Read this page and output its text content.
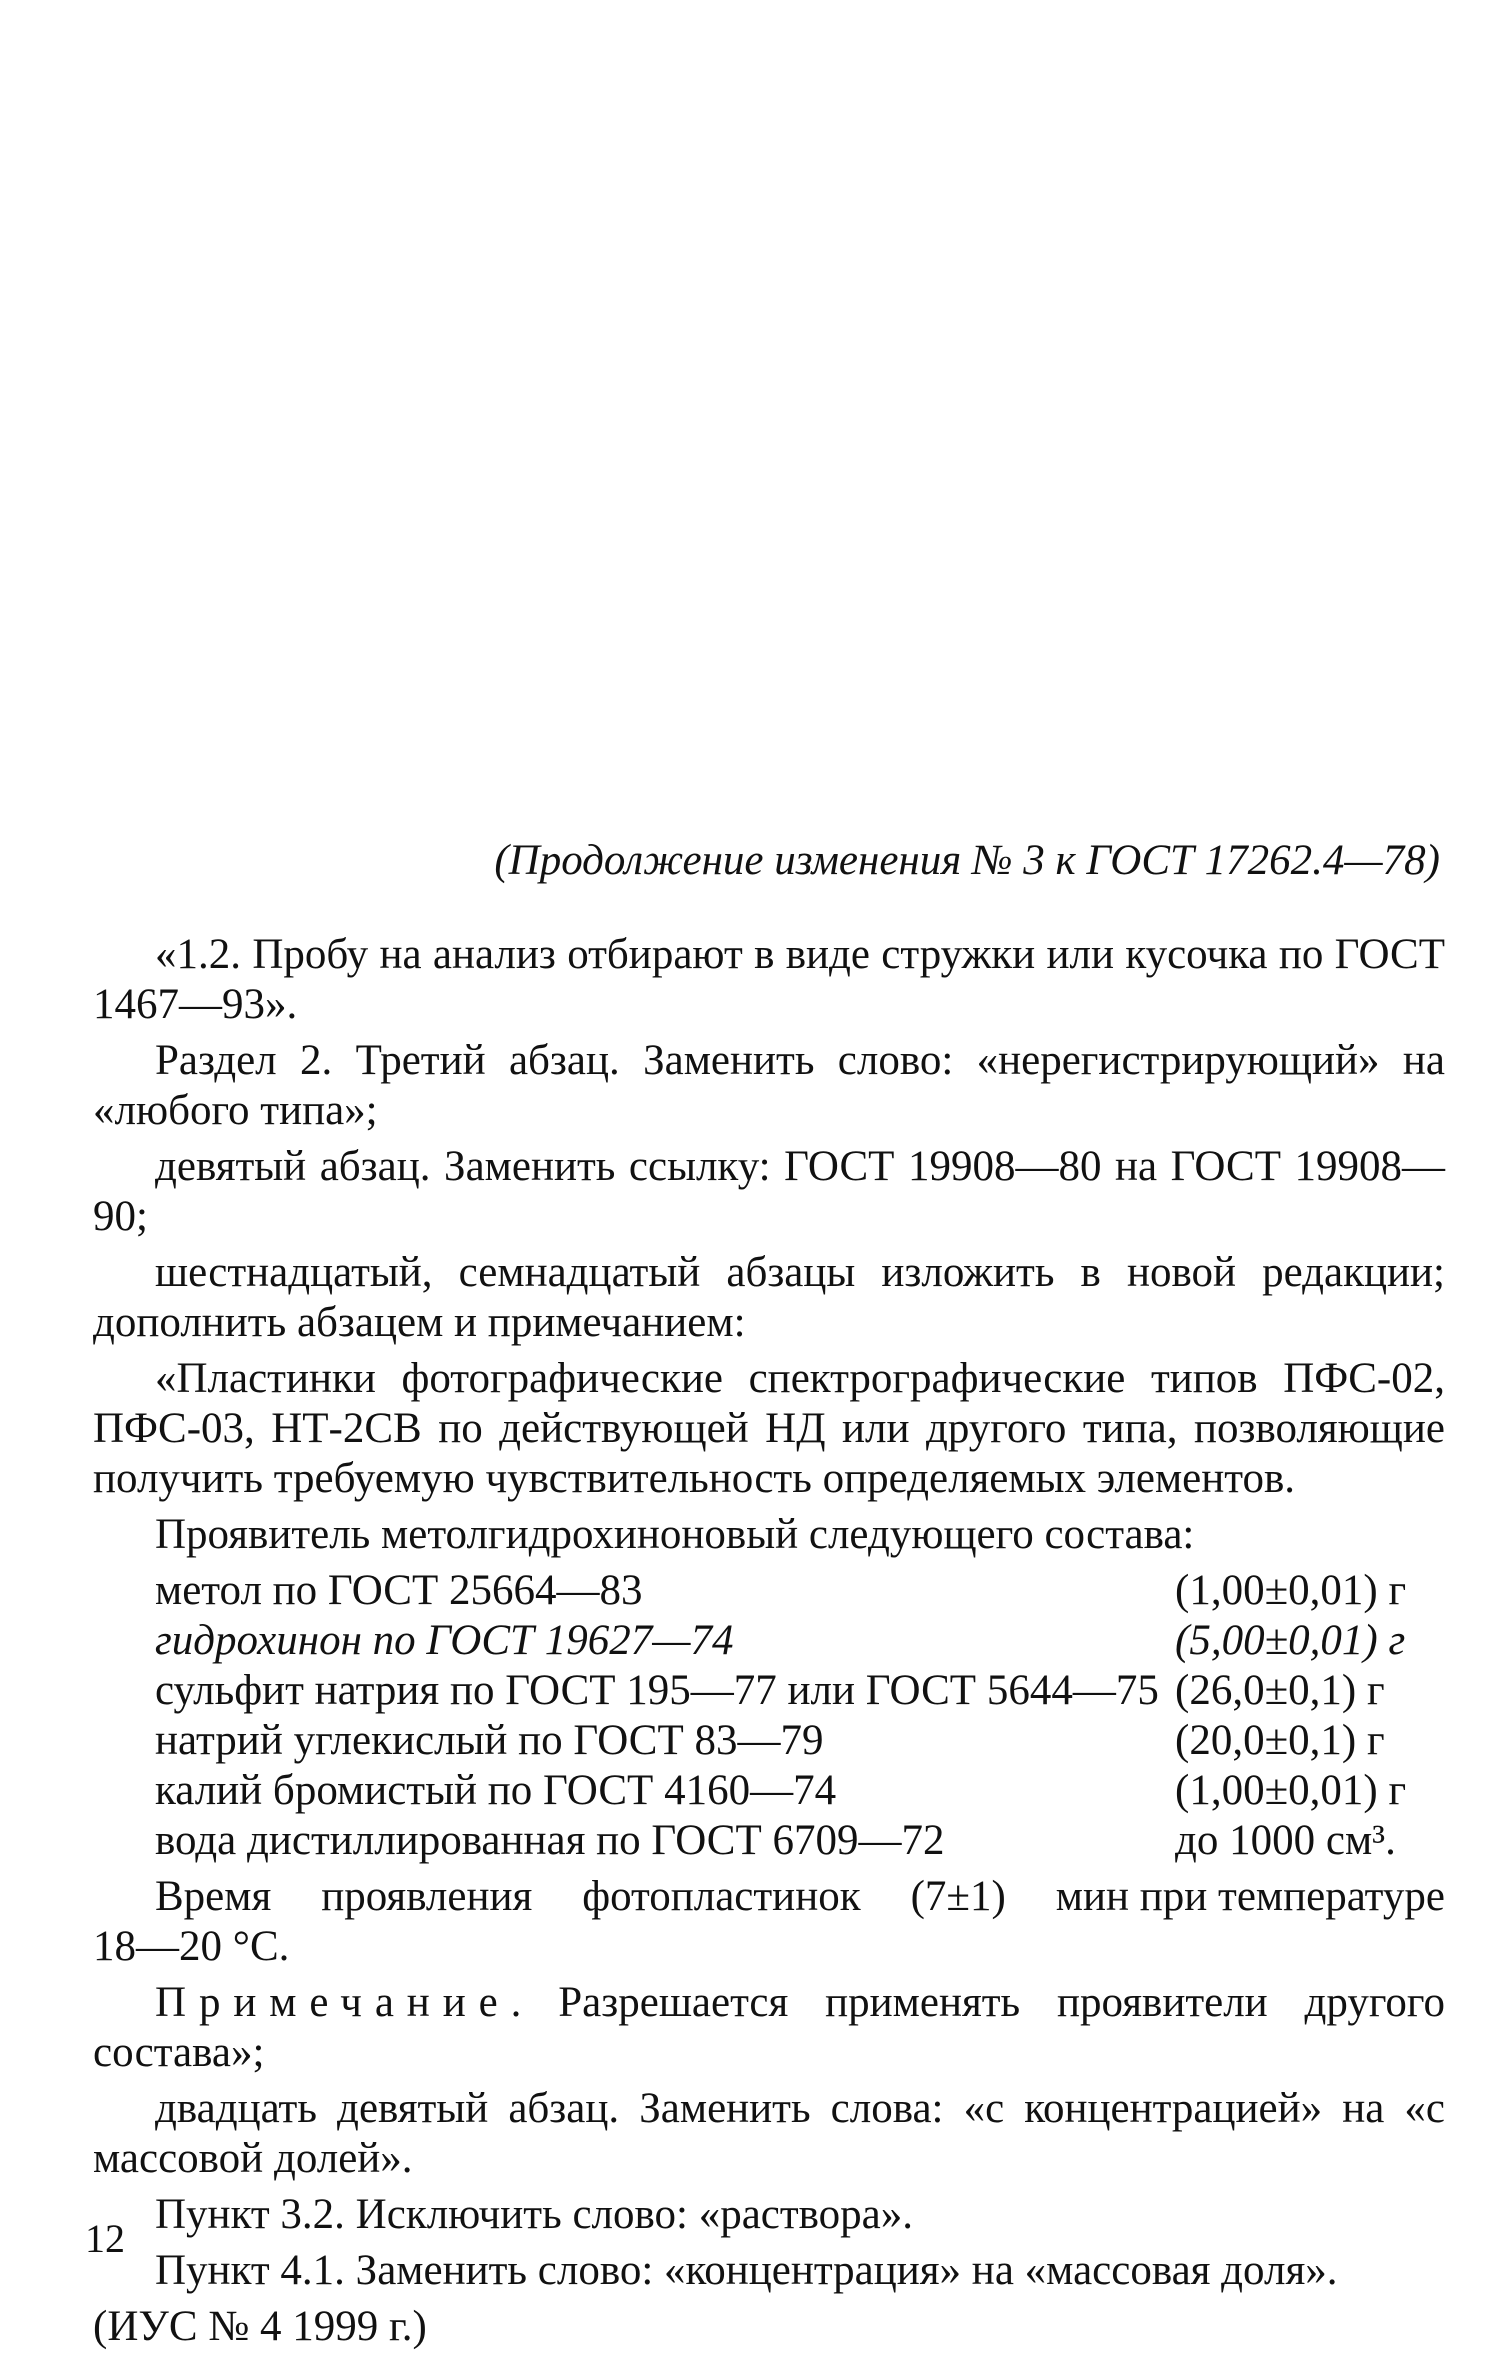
(Продолжение изменения № 3 к ГОСТ 17262.4—78)

«1.2. Пробу на анализ отбирают в виде стружки или кусочка по ГОСТ 1467—93».

Раздел 2. Третий абзац. Заменить слово: «нерегистрирующий» на «любого типа»;

девятый абзац. Заменить ссылку: ГОСТ 19908—80 на ГОСТ 19908—90;

шестнадцатый, семнадцатый абзацы изложить в новой редакции; дополнить абзацем и примечанием:

«Пластинки фотографические спектрографические типов ПФС-02, ПФС-03, НТ-2СВ по действующей НД или другого типа, позволяющие получить требуемую чувствительность определяемых элементов.

Проявитель метолгидрохиноновый следующего состава:

метол по ГОСТ 25664—83	(1,00±0,01) г
гидрохинон по ГОСТ 19627—74	(5,00±0,01) г
сульфит натрия по ГОСТ 195—77 или ГОСТ 5644—75 (26,0±0,1) г
натрий углекислый по ГОСТ 83—79	(20,0±0,1) г
калий бромистый по ГОСТ 4160—74	(1,00±0,01) г
вода дистиллированная по ГОСТ 6709—72	до 1000 см³.
Время проявления фотопластинок (7±1) мин при температуре
18—20 °С.

Примечание. Разрешается применять проявители другого состава»;

двадцать девятый абзац. Заменить слова: «с концентрацией» на «с массовой долей».

Пункт 3.2. Исключить слово: «раствора».

Пункт 4.1. Заменить слово: «концентрация» на «массовая доля».

(ИУС № 4 1999 г.)

12
